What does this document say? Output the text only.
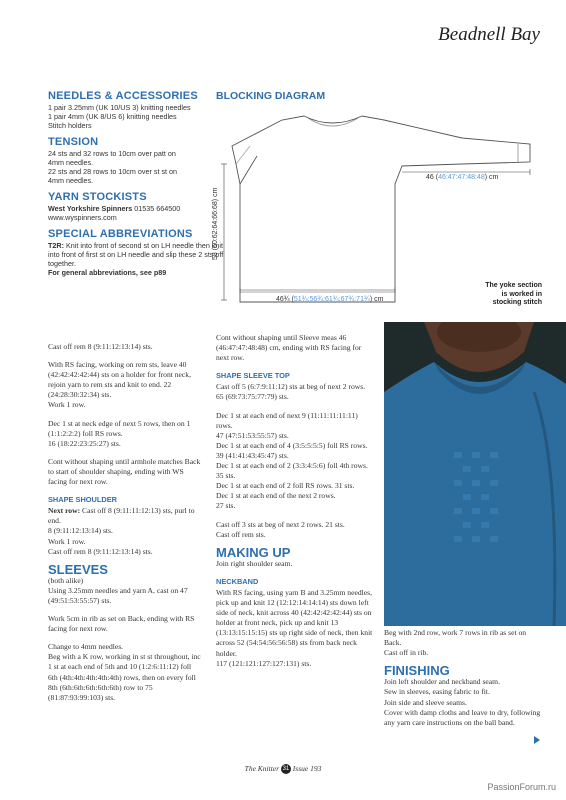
Beadnell Bay
NEEDLES & ACCESSORIES
1 pair 3.25mm (UK 10/US 3) knitting needles
1 pair 4mm (UK 8/US 6) knitting needles
Stitch holders
TENSION
24 sts and 32 rows to 10cm over patt on
4mm needles.
22 sts and 28 rows to 10cm over st st on
4mm needles.
YARN STOCKISTS
West Yorkshire Spinners 01535 664500
www.wyspinners.com
SPECIAL ABBREVIATIONS
T2R: Knit into front of second st on LH needle then knit into front of first st on LH needle and slip these 2 sts off together.
For general abbreviations, see p89
BLOCKING DIAGRAM
58 (60:62:64:66:68) cm
46 (46:47:47:48:48) cm
46¾ (51¾:56¾:61¾:67¾:71¾) cm
The yoke section is worked in stocking stitch

Cast off rem 8 (9:11:12:13:14) sts.

With RS facing, working on rem sts, leave 40 (42:42:42:42:44) sts on a holder for front neck, rejoin yarn to rem sts and knit to end. 22 (24:28:30:32:34) sts.
Work 1 row.

Dec 1 st at neck edge of next 5 rows, then on 1 (1:1:2:2:2) foll RS rows.
16 (18:22:23:25:27) sts.

Cont without shaping until armhole matches Back to start of shoulder shaping, ending with WS facing for next row.

SHAPE SHOULDER

Next row: Cast off 8 (9:11:11:12:13) sts, purl to end.
8 (9:11:12:13:14) sts.
Work 1 row.
Cast off rem 8 (9:11:12:13:14) sts.

SLEEVES

(both alike)
Using 3.25mm needles and yarn A, cast on 47 (49:51:53:55:57) sts.

Work 5cm in rib as set on Back, ending with RS facing for next row.

Change to 4mm needles.
Beg with a K row, working in st st throughout, inc 1 st at each end of 5th and 10 (1:2:6:11:12) foll 6th (4th:4th:4th:4th:4th) rows, then on every foll 8th (6th:6th:6th:6th:6th) row to 75 (81:87:93:99:103) sts.

Cont without shaping until Sleeve meas 46 (46:47:47:48:48) cm, ending with RS facing for next row.

SHAPE SLEEVE TOP

Cast off 5 (6:7:9:11:12) sts at beg of next 2 rows.
65 (69:73:75:77:79) sts.

Dec 1 st at each end of next 9 (11:11:11:11:11) rows.
47 (47:51:53:55:57) sts.
Dec 1 st at each end of 4 (3:5:5:5:5) foll RS rows.
39 (41:41:43:45:47) sts.
Dec 1 st at each end of 2 (3:3:4:5:6) foll 4th rows. 35 sts.
Dec 1 st at each end of 2 foll RS rows. 31 sts.
Dec 1 st at each end of the next 2 rows.
27 sts.

Cast off 3 sts at beg of next 2 rows. 21 sts.
Cast off rem sts.

MAKING UP

Join right shoulder seam.

NECKBAND

With RS facing, using yarn B and 3.25mm needles, pick up and knit 12 (12:12:14:14:14) sts down left side of neck, knit across 40 (42:42:42:42:44) sts on holder at front neck, pick up and knit 13 (13:13:15:15:15) sts up right side of neck, then knit across 52 (54:54:56:56:58) sts from back neck holder.
117 (121:121:127:127:131) sts.

Beg with 2nd row, work 7 rows in rib as set on Back.
Cast off in rib.

FINISHING

Join left shoulder and neckband seam.
Sew in sleeves, easing fabric to fit.
Join side and sleeve seams.
Cover with damp cloths and leave to dry, following any yarn care instructions on the ball band.

The Knitter 31 Issue 193
PassionForum.ru
